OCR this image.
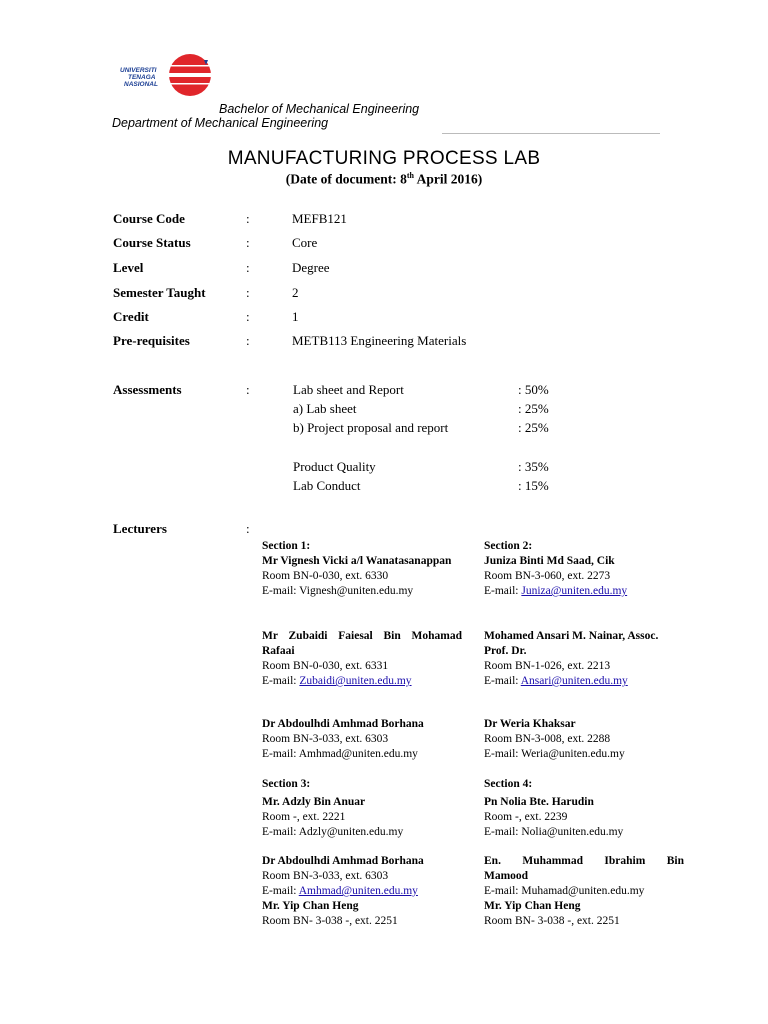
UNIVERSITI
TENAGA
NASIONAL
Bachelor of Mechanical Engineering
Department of Mechanical Engineering
MANUFACTURING PROCESS LAB
(Date of document: 8th April 2016)
Course Code	:	MEFB121
Course Status	:	Core
Level	:	Degree
Semester Taught	:	2
Credit	:	1
Pre-requisites	:	METB113 Engineering Materials
Assessments	:	Lab sheet and Report	: 50%
a) Lab sheet	: 25%
b) Project proposal and report	: 25%
Product Quality	: 35%
Lab Conduct	: 15%
Lecturers	:
Section 1:
Mr Vignesh Vicki a/l Wanatasanappan
Room BN-0-030, ext. 6330
E-mail: Vignesh@uniten.edu.my
Mr Zubaidi Faiesal Bin Mohamad Rafaai
Room BN-0-030, ext. 6331
E-mail: Zubaidi@uniten.edu.my
Dr Abdoulhdi Amhmad Borhana
Room BN-3-033, ext. 6303
E-mail: Amhmad@uniten.edu.my
Section 3:
Mr. Adzly Bin Anuar
Room -, ext. 2221
E-mail: Adzly@uniten.edu.my
Dr Abdoulhdi Amhmad Borhana
Room BN-3-033, ext. 6303
E-mail: Amhmad@uniten.edu.my
Mr. Yip Chan Heng
Room BN- 3-038 -, ext. 2251
Section 2:
Juniza Binti Md Saad, Cik
Room BN-3-060, ext. 2273
E-mail: Juniza@uniten.edu.my
Mohamed Ansari M. Nainar, Assoc. Prof. Dr.
Room BN-1-026, ext. 2213
E-mail: Ansari@uniten.edu.my
Dr Weria Khaksar
Room BN-3-008, ext. 2288
E-mail: Weria@uniten.edu.my
Section 4:
Pn Nolia Bte. Harudin
Room -, ext. 2239
E-mail: Nolia@uniten.edu.my
En. Muhammad Ibrahim Bin Mamood
E-mail: Muhamad@uniten.edu.my
Mr. Yip Chan Heng
Room BN- 3-038 -, ext. 2251
